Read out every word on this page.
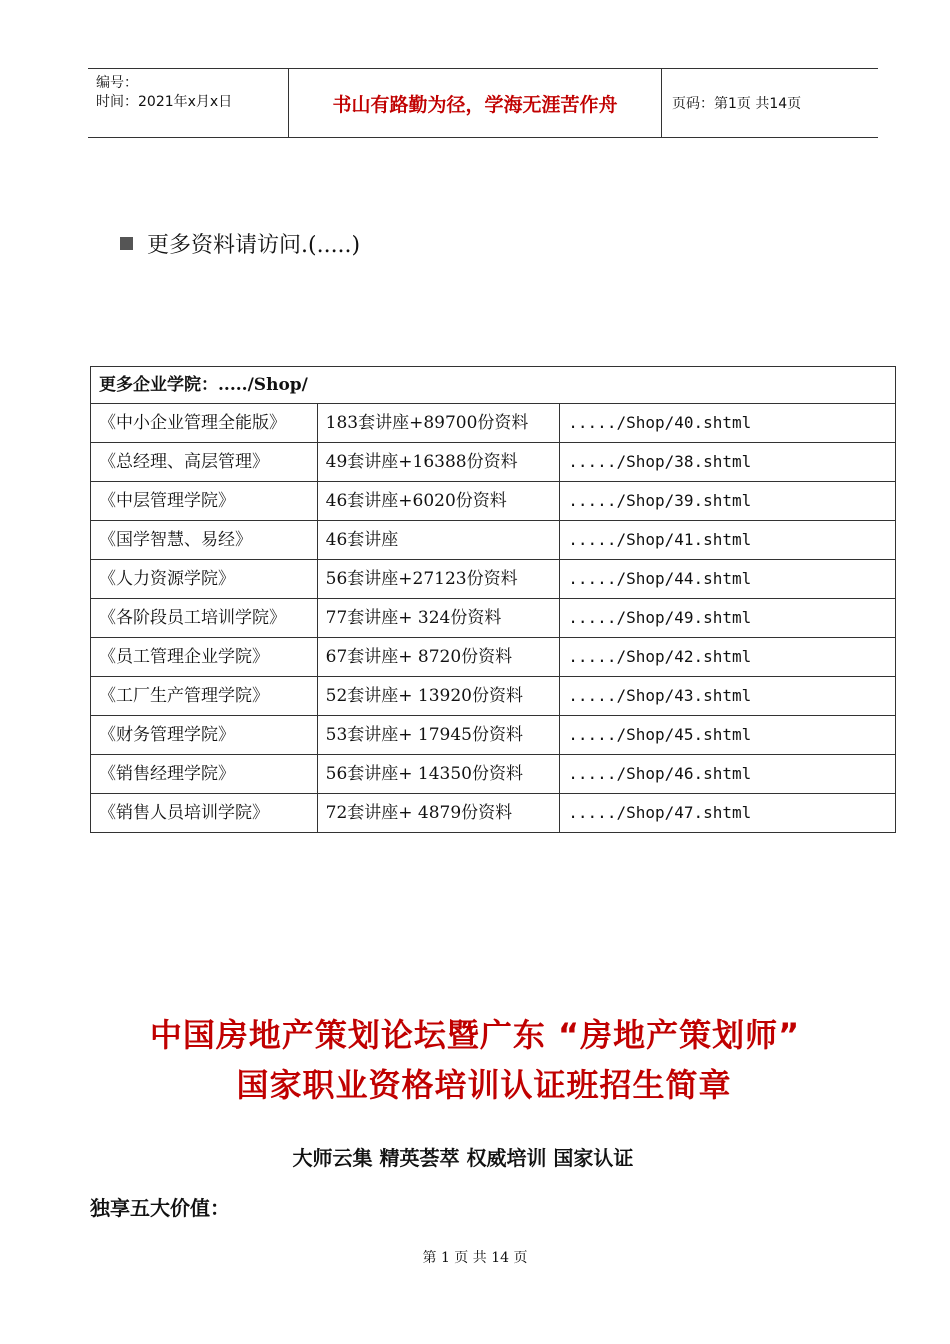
编号：
时间：2021年x月x日	书山有路勤为径，学海无涯苦作舟	页码：第1页 共14页
更多资料请访问.(.....)
更多企业学院：...../Shop/		
《中小企业管理全能版》	183套讲座+89700份资料	...../Shop/40.shtml
《总经理、高层管理》	49套讲座+16388份资料	...../Shop/38.shtml
《中层管理学院》	46套讲座+6020份资料	...../Shop/39.shtml
《国学智慧、易经》	46套讲座	...../Shop/41.shtml
《人力资源学院》	56套讲座+27123份资料	...../Shop/44.shtml
《各阶段员工培训学院》	77套讲座+ 324份资料	...../Shop/49.shtml
《员工管理企业学院》	67套讲座+ 8720份资料	...../Shop/42.shtml
《工厂生产管理学院》	52套讲座+ 13920份资料	...../Shop/43.shtml
《财务管理学院》	53套讲座+ 17945份资料	...../Shop/45.shtml
《销售经理学院》	56套讲座+ 14350份资料	...../Shop/46.shtml
《销售人员培训学院》	72套讲座+ 4879份资料	...../Shop/47.shtml
中国房地产策划论坛暨广东 “房地产策划师”
国家职业资格培训认证班招生简章
大师云集 精英荟萃 权威培训 国家认证
独享五大价值：
第 1 页 共 14 页
